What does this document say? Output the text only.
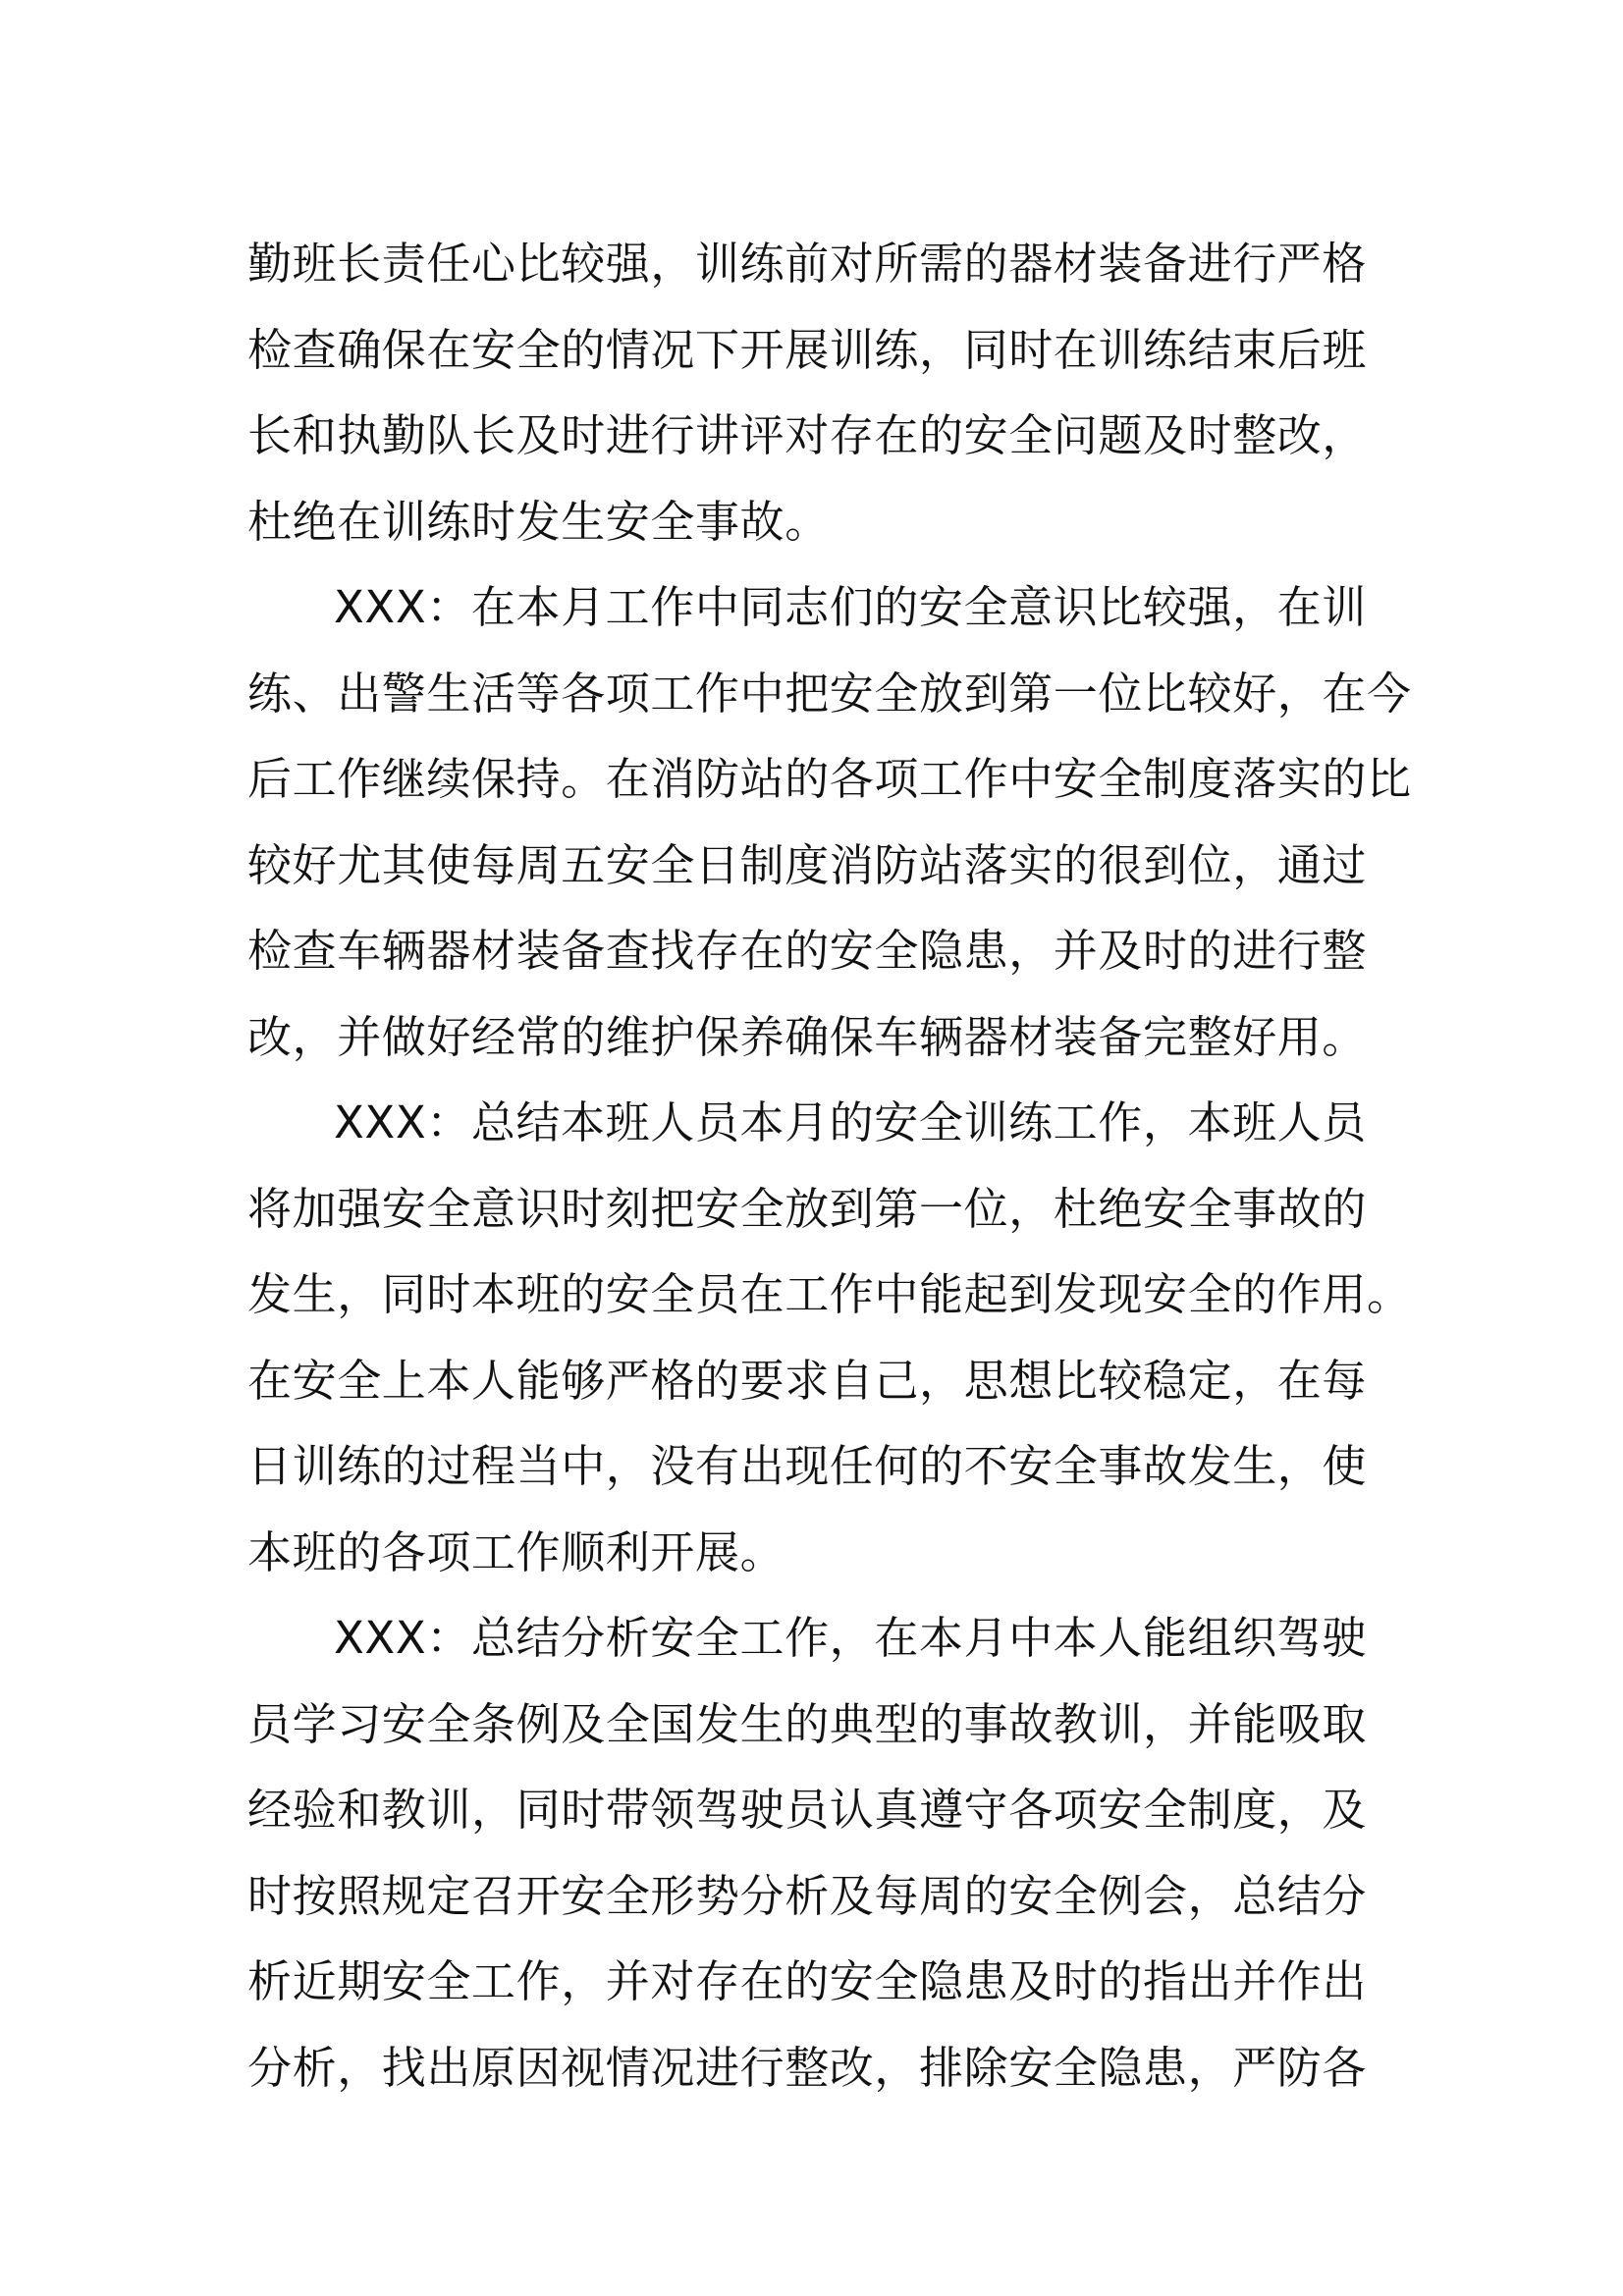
勤班长责任心比较强，训练前对所需的器材装备进行严格
检查确保在安全的情况下开展训练，同时在训练结束后班
长和执勤队长及时进行讲评对存在的安全问题及时整改，
杜绝在训练时发生安全事故。
XXX：在本月工作中同志们的安全意识比较强，在训
练、出警生活等各项工作中把安全放到第一位比较好，在今
后工作继续保持。在消防站的各项工作中安全制度落实的比
较好尤其使每周五安全日制度消防站落实的很到位，通过
检查车辆器材装备查找存在的安全隐患，并及时的进行整
改，并做好经常的维护保养确保车辆器材装备完整好用。
XXX：总结本班人员本月的安全训练工作，本班人员
将加强安全意识时刻把安全放到第一位，杜绝安全事故的
发生，同时本班的安全员在工作中能起到发现安全的作用。
在安全上本人能够严格的要求自己，思想比较稳定，在每
日训练的过程当中，没有出现任何的不安全事故发生，使
本班的各项工作顺利开展。
XXX：总结分析安全工作，在本月中本人能组织驾驶
员学习安全条例及全国发生的典型的事故教训，并能吸取
经验和教训，同时带领驾驶员认真遵守各项安全制度，及
时按照规定召开安全形势分析及每周的安全例会，总结分
析近期安全工作，并对存在的安全隐患及时的指出并作出
分析，找出原因视情况进行整改，排除安全隐患，严防各
